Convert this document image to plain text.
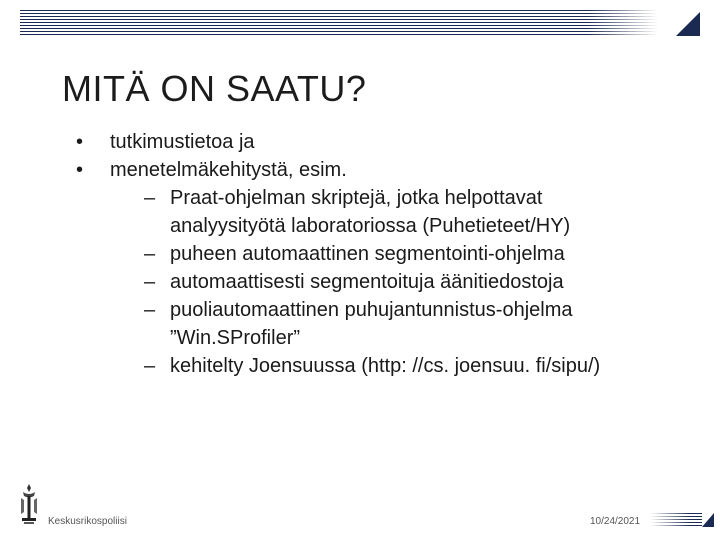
MITÄ ON SAATU?
•	tutkimustietoa ja
•	menetelmäkehitystä, esim.
– Praat-ohjelman skriptejä, jotka helpottavat
analyysityötä laboratoriossa (Puhetieteet/HY)
– puheen automaattinen segmentointi-ohjelma
– automaattisesti segmentoituja äänitiedostoja
– puoliautomaattinen puhujantunnistus-ohjelma
”Win.SProfiler”
– kehitelty Joensuussa (http: //cs. joensuu. fi/sipu/)
Keskusrikospoliisi	10/24/2021
